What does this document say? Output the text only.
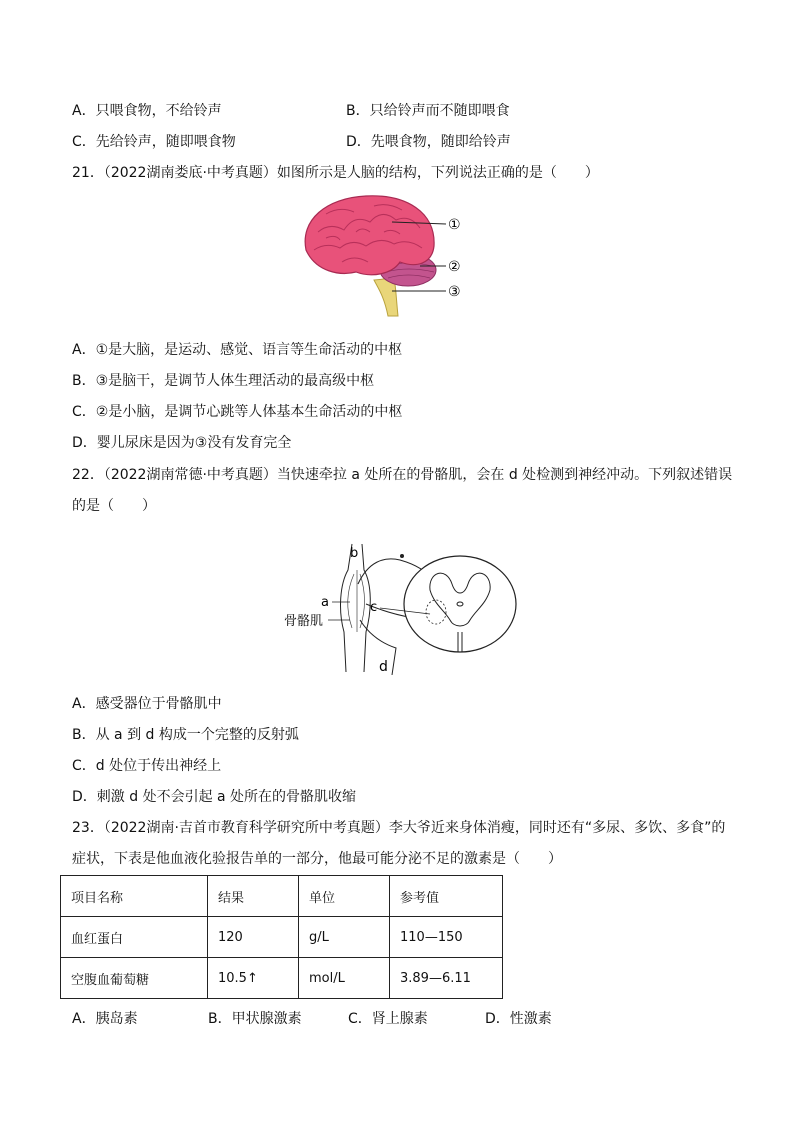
A．只喂食物，不给铃声	B．只给铃声而不随即喂食
C．先给铃声，随即喂食物	D．先喂食物，随即给铃声
21．（2022湖南娄底·中考真题）如图所示是人脑的结构，下列说法正确的是（　　）
①
②
③
A．①是大脑，是运动、感觉、语言等生命活动的中枢
B．③是脑干，是调节人体生理活动的最高级中枢
C．②是小脑，是调节心跳等人体基本生命活动的中枢
D．婴儿尿床是因为③没有发育完全
22．（2022湖南常德·中考真题）当快速牵拉 a 处所在的骨骼肌，会在 d 处检测到神经冲动。下列叙述错误
的是（　　）
b
a
骨骼肌
c
d
A．感受器位于骨骼肌中
B．从 a 到 d 构成一个完整的反射弧
C．d 处位于传出神经上
D．刺激 d 处不会引起 a 处所在的骨骼肌收缩
23．（2022湖南·吉首市教育科学研究所中考真题）李大爷近来身体消瘦，同时还有“多尿、多饮、多食”的
症状，下表是他血液化验报告单的一部分，他最可能分泌不足的激素是（　　）
项目名称	结果	单位	参考值
血红蛋白	120	g/L	110—150
空腹血葡萄糖	10.5↑	mol/L	3.89—6.11
A．胰岛素	B．甲状腺激素	C．肾上腺素	D．性激素
